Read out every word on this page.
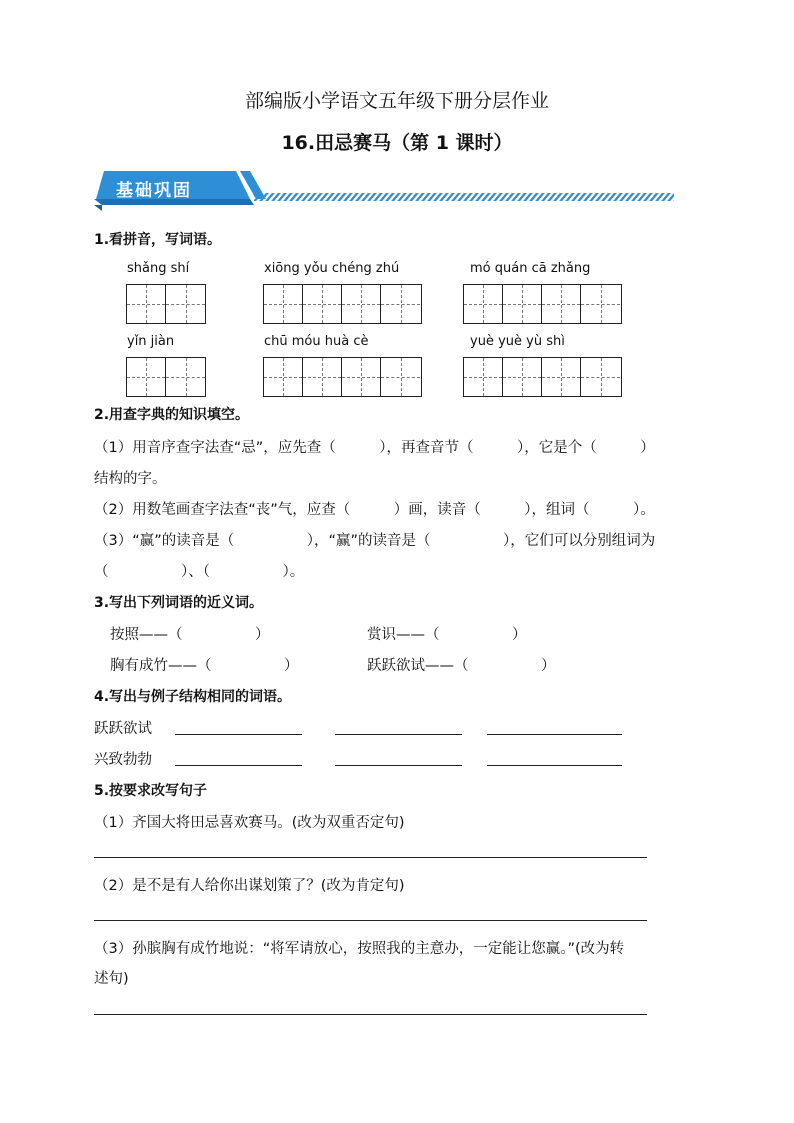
部编版小学语文五年级下册分层作业
16.田忌赛马（第 1 课时）
基础巩固
1.看拼音，写词语。
shǎng shí	xiōng yǒu chéng zhú	mó quán cā zhǎng
yǐn jiàn	chū móu huà cè	yuè yuè yù shì
2.用查字典的知识填空。
（1）用音序查字法查“忌”，应先查（　　　），再查音节（　　　），它是个（　　　）
结构的字。
（2）用数笔画查字法查“丧”气，应查（　　　）画，读音（　　　），组词（　　　）。
（3）“赢”的读音是（　　　　　），“赢”的读音是（　　　　　），它们可以分别组词为
（　　　　　）、（　　　　　）。
3.写出下列词语的近义词。
按照——（　　　　　）	赏识——（　　　　　）
胸有成竹——（　　　　　）	跃跃欲试——（　　　　　）
4.写出与例子结构相同的词语。
跃跃欲试
兴致勃勃
5.按要求改写句子
（1）齐国大将田忌喜欢赛马。(改为双重否定句)
（2）是不是有人给你出谋划策了？(改为肯定句)
（3）孙膑胸有成竹地说：“将军请放心，按照我的主意办，一定能让您赢。”(改为转
述句)
